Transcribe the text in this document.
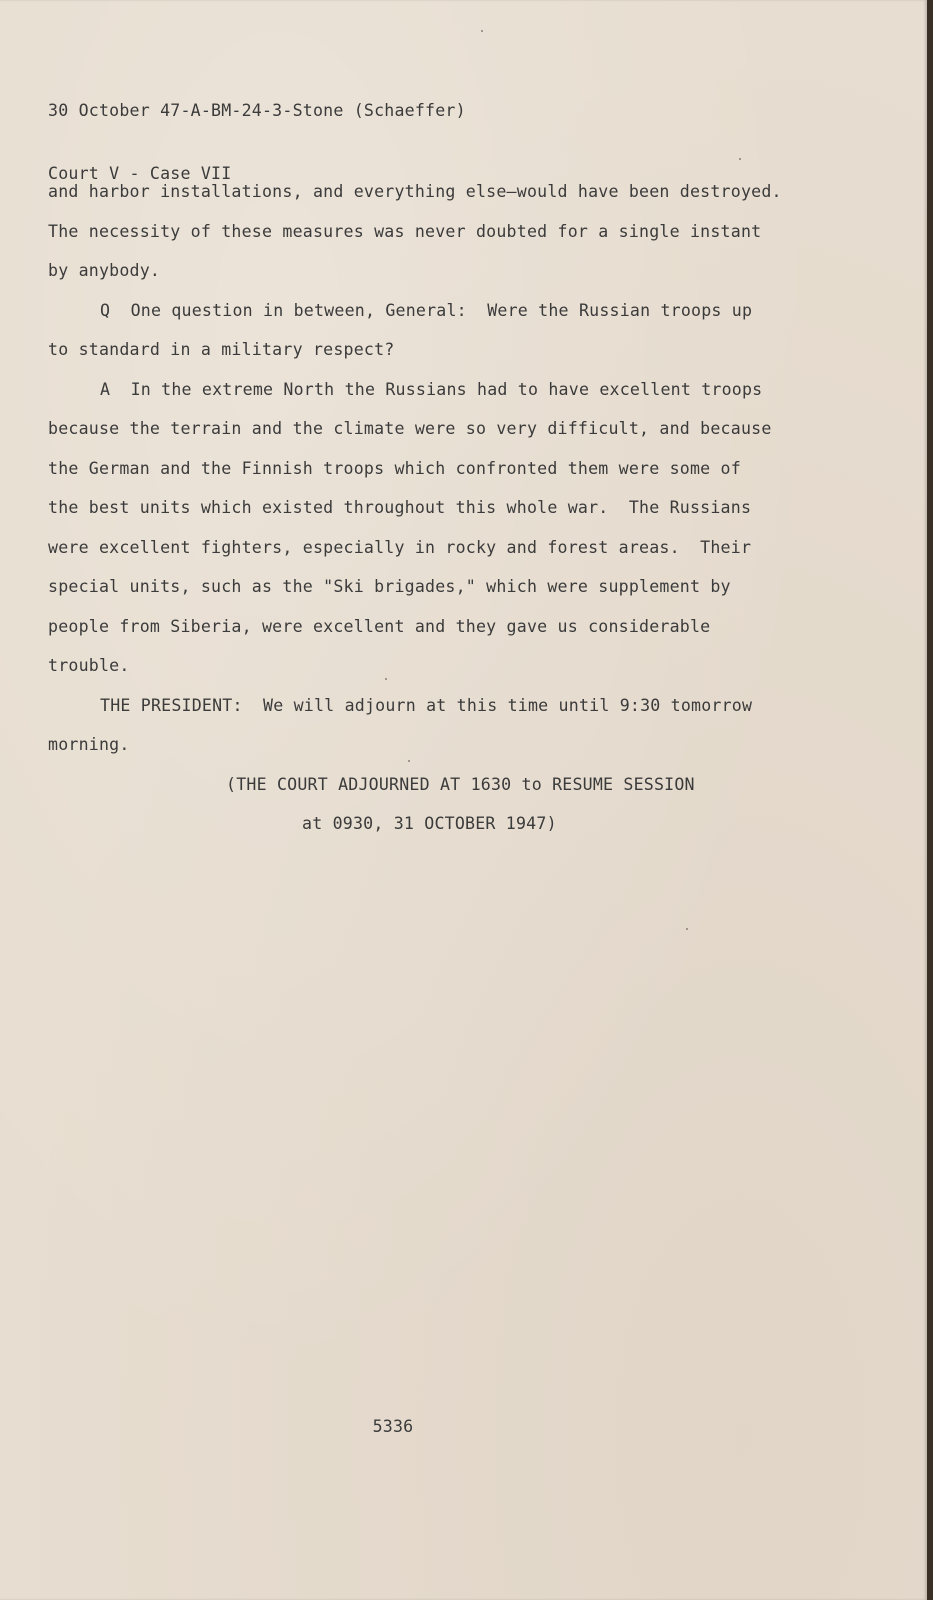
30 October 47-A-BM-24-3-Stone (Schaeffer)

Court V - Case VII

and harbor installations, and everything else—would have been destroyed.
The necessity of these measures was never doubted for a single instant
by anybody.
Q  One question in between, General:  Were the Russian troops up
to standard in a military respect?
A  In the extreme North the Russians had to have excellent troops
because the terrain and the climate were so very difficult, and because
the German and the Finnish troops which confronted them were some of
the best units which existed throughout this whole war.  The Russians
were excellent fighters, especially in rocky and forest areas.  Their
special units, such as the "Ski brigades," which were supplement by
people from Siberia, were excellent and they gave us considerable
trouble.
THE PRESIDENT:  We will adjourn at this time until 9:30 tomorrow
morning.
(THE COURT ADJOURNED AT 1630 to RESUME SESSION
at 0930, 31 OCTOBER 1947)
5336
